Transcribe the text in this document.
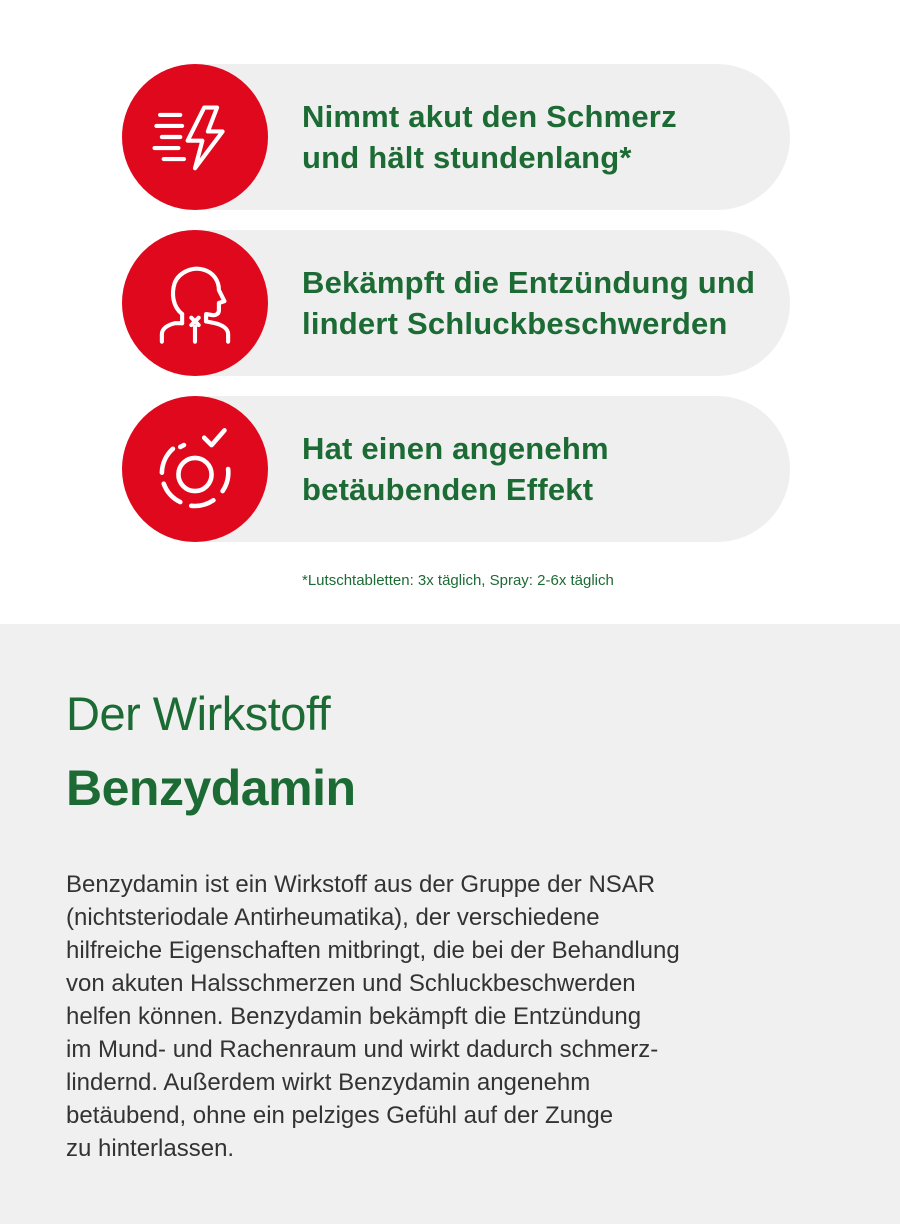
Nimmt akut den Schmerz
und hält stundenlang*
Bekämpft die Entzündung und
lindert Schluckbeschwerden
Hat einen angenehm
betäubenden Effekt
*Lutschtabletten: 3x täglich, Spray: 2-6x täglich
Der Wirkstoff
Benzydamin
Benzydamin ist ein Wirkstoff aus der Gruppe der NSAR
(nichtsteriodale Antirheumatika), der verschiedene
hilfreiche Eigenschaften mitbringt, die bei der Behandlung
von akuten Halsschmerzen und Schluckbeschwerden
helfen können. Benzydamin bekämpft die Entzündung
im Mund- und Rachenraum und wirkt dadurch schmerz-
lindernd. Außerdem wirkt Benzydamin angenehm
betäubend, ohne ein pelziges Gefühl auf der Zunge
zu hinterlassen.
